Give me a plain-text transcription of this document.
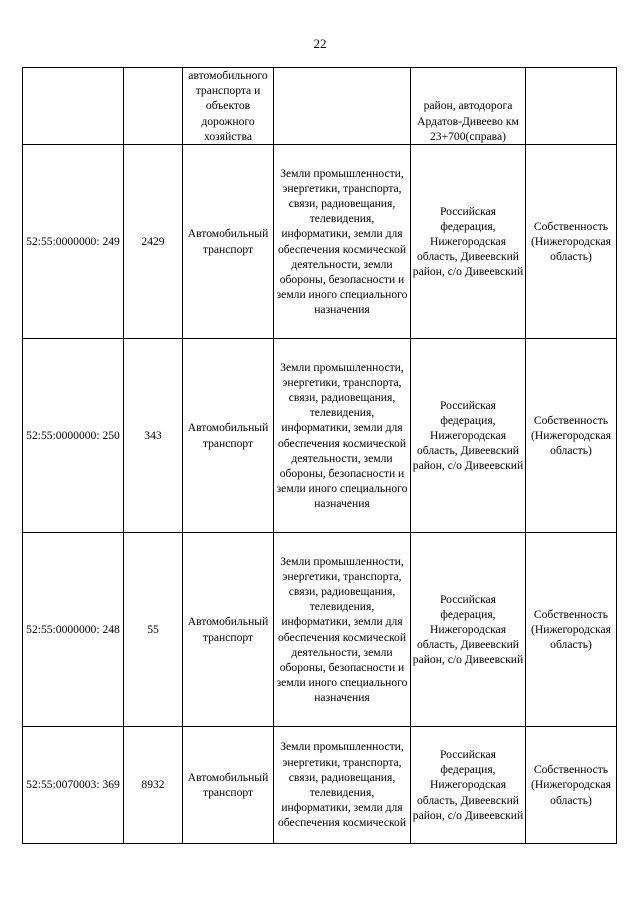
22

		автомобильного транспорта и объектов дорожного хозяйства		район, автодорога Ардатов-Дивеево км 23+700(справа)	

52:55:0000000: 249	2429	Автомобильный транспорт	Земли промышленности, энергетики, транспорта, связи, радиовещания, телевидения, информатики, земли для обеспечения космической деятельности, земли обороны, безопасности и земли иного специального назначения	Российская федерация, Нижегородская область, Дивеевский район, с/о Дивеевский	Собственность (Нижегородская область)

52:55:0000000: 250	343	Автомобильный транспорт	Земли промышленности, энергетики, транспорта, связи, радиовещания, телевидения, информатики, земли для обеспечения космической деятельности, земли обороны, безопасности и земли иного специального назначения	Российская федерация, Нижегородская область, Дивеевский район, с/о Дивеевский	Собственность (Нижегородская область)

52:55:0000000: 248	55	Автомобильный транспорт	Земли промышленности, энергетики, транспорта, связи, радиовещания, телевидения, информатики, земли для обеспечения космической деятельности, земли обороны, безопасности и земли иного специального назначения	Российская федерация, Нижегородская область, Дивеевский район, с/о Дивеевский	Собственность (Нижегородская область)

52:55:0070003: 369	8932	Автомобильный транспорт	Земли промышленности, энергетики, транспорта, связи, радиовещания, телевидения, информатики, земли для обеспечения космической	Российская федерация, Нижегородская область, Дивеевский район, с/о Дивеевский	Собственность (Нижегородская область)
